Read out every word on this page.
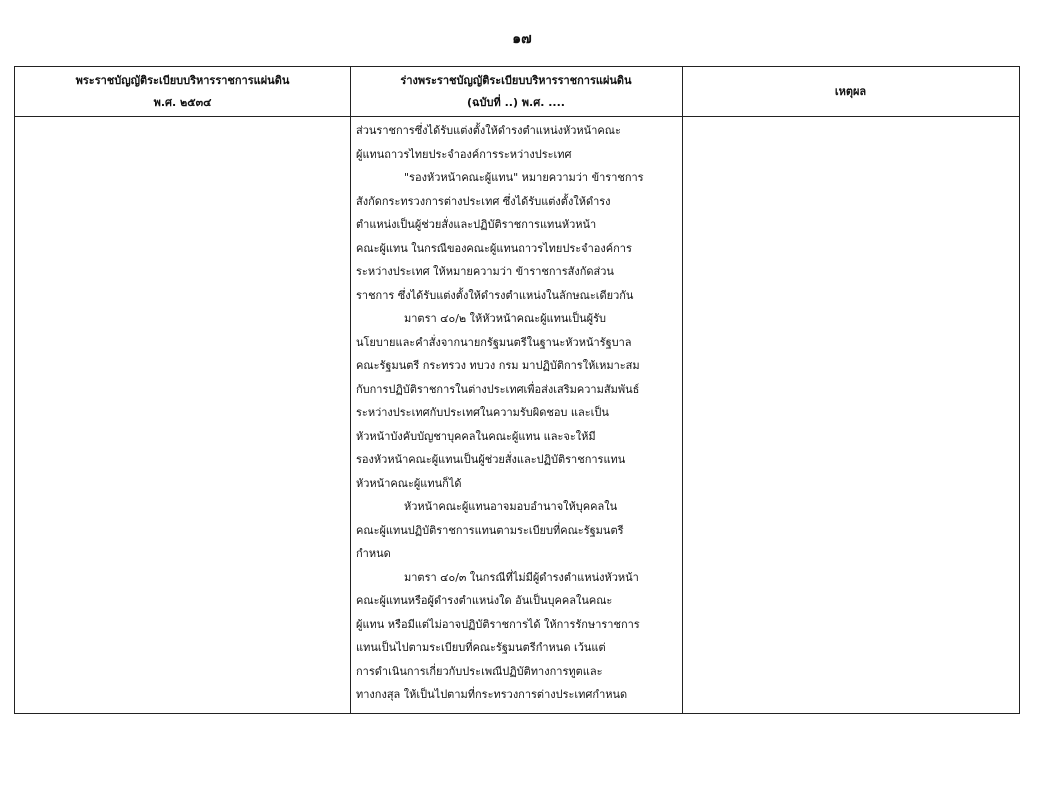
๑๗
พระราชบัญญัติระเบียบบริหารราชการแผ่นดิน
พ.ศ. ๒๕๓๔
ร่างพระราชบัญญัติระเบียบบริหารราชการแผ่นดิน
(ฉบับที่ ..) พ.ศ. ....
เหตุผล
ส่วนราชการซึ่งได้รับแต่งตั้งให้ดำรงตำแหน่งหัวหน้าคณะ
ผู้แทนถาวรไทยประจำองค์การระหว่างประเทศ
"รองหัวหน้าคณะผู้แทน" หมายความว่า ข้าราชการ
สังกัดกระทรวงการต่างประเทศ ซึ่งได้รับแต่งตั้งให้ดำรง
ตำแหน่งเป็นผู้ช่วยสั่งและปฏิบัติราชการแทนหัวหน้า
คณะผู้แทน ในกรณีของคณะผู้แทนถาวรไทยประจำองค์การ
ระหว่างประเทศ ให้หมายความว่า ข้าราชการสังกัดส่วน
ราชการ ซึ่งได้รับแต่งตั้งให้ดำรงตำแหน่งในลักษณะเดียวกัน
มาตรา ๔๐/๒ ให้หัวหน้าคณะผู้แทนเป็นผู้รับ
นโยบายและคำสั่งจากนายกรัฐมนตรีในฐานะหัวหน้ารัฐบาล
คณะรัฐมนตรี กระทรวง ทบวง กรม มาปฏิบัติการให้เหมาะสม
กับการปฏิบัติราชการในต่างประเทศเพื่อส่งเสริมความสัมพันธ์
ระหว่างประเทศกับประเทศในความรับผิดชอบ และเป็น
หัวหน้าบังคับบัญชาบุคคลในคณะผู้แทน และจะให้มี
รองหัวหน้าคณะผู้แทนเป็นผู้ช่วยสั่งและปฏิบัติราชการแทน
หัวหน้าคณะผู้แทนก็ได้
หัวหน้าคณะผู้แทนอาจมอบอำนาจให้บุคคลใน
คณะผู้แทนปฏิบัติราชการแทนตามระเบียบที่คณะรัฐมนตรี
กำหนด
มาตรา ๔๐/๓ ในกรณีที่ไม่มีผู้ดำรงตำแหน่งหัวหน้า
คณะผู้แทนหรือผู้ดำรงตำแหน่งใด อันเป็นบุคคลในคณะ
ผู้แทน หรือมีแต่ไม่อาจปฏิบัติราชการได้ ให้การรักษาราชการ
แทนเป็นไปตามระเบียบที่คณะรัฐมนตรีกำหนด เว้นแต่
การดำเนินการเกี่ยวกับประเพณีปฏิบัติทางการทูตและ
ทางกงสุล ให้เป็นไปตามที่กระทรวงการต่างประเทศกำหนด
